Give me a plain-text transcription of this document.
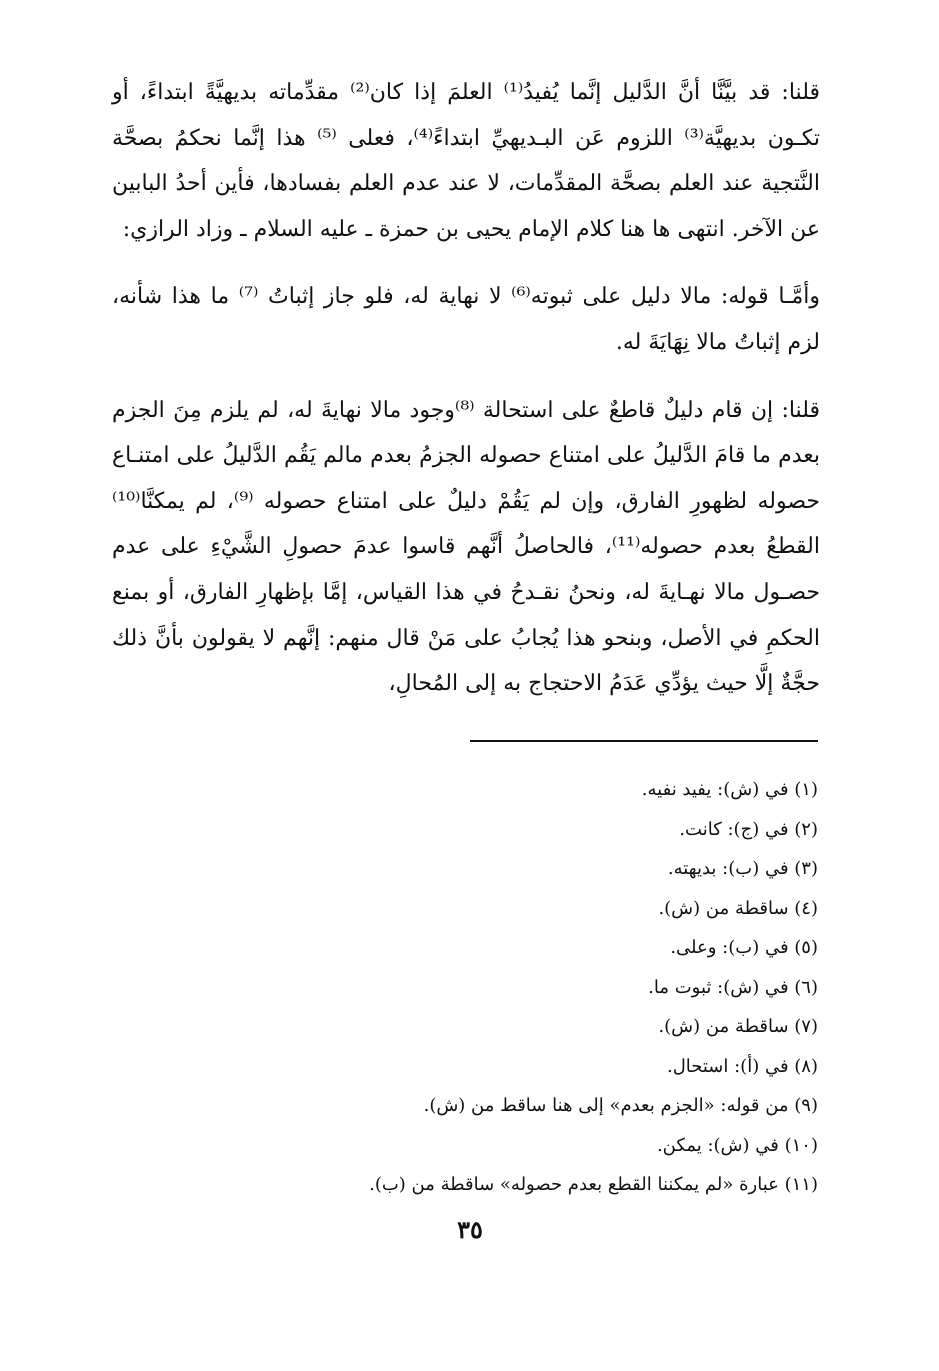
قلنا: قد بيَّنَّا أنَّ الدَّليل إنَّما يُفيدُ⁽¹⁾ العلمَ إذا كان⁽²⁾ مقدِّماته بديهيَّةً ابتداءً، أو تكـون بديهيَّة⁽³⁾ اللزوم عَن البـديهيِّ ابتداءً⁽⁴⁾، فعلى ⁽⁵⁾ هذا إنَّما نحكمُ بصحَّة النَّتجية عند العلم بصحَّة المقدِّمات، لا عند عدم العلم بفسادها، فأين أحدُ البابين عن الآخر. انتهى ها هنا كلام الإمام يحيى بن حمزة ـ عليه السلام ـ وزاد الرازي:

وأمَّـا قوله: مالا دليل على ثبوته⁽⁶⁾ لا نهاية له، فلو جاز إثباتُ ⁽⁷⁾ ما هذا شأنه، لزم إثباتُ مالا نِهَايَةَ له.

قلنا: إن قام دليلٌ قاطعٌ على استحالة ⁽⁸⁾وجود مالا نهايةَ له، لم يلزم مِنَ الجزم بعدم ما قامَ الدَّليلُ على امتناع حصوله الجزمُ بعدم مالم يَقُم الدَّليلُ على امتنـاع حصوله لظهورِ الفارق، وإن لم يَقُمْ دليلٌ على امتناع حصوله ⁽⁹⁾، لم يمكنَّا⁽¹⁰⁾ القطعُ بعدم حصوله⁽¹¹⁾، فالحاصلُ أنَّهم قاسوا عدمَ حصولِ الشَّيْءِ على عدم حصـول مالا نهـايةَ له، ونحنُ نقـدحُ في هذا القياس، إمَّا بإظهارِ الفارق، أو بمنع الحكمِ في الأصل، وبنحو هذا يُجابُ على مَنْ قال منهم: إنَّهم لا يقولون بأنَّ ذلك حجَّةٌ إلَّا حيث يؤدِّي عَدَمُ الاحتجاج به إلى المُحالِ،

(١) في (ش): يفيد نفيه.
(٢) في (ج): كانت.
(٣) في (ب): بديهته.
(٤) ساقطة من (ش).
(٥) في (ب): وعلى.
(٦) في (ش): ثبوت ما.
(٧) ساقطة من (ش).
(٨) في (أ): استحال.
(٩) من قوله: «الجزم بعدم» إلى هنا ساقط من (ش).
(١٠) في (ش): يمكن.
(١١) عبارة «لم يمكننا القطع بعدم حصوله» ساقطة من (ب).
٣٥
